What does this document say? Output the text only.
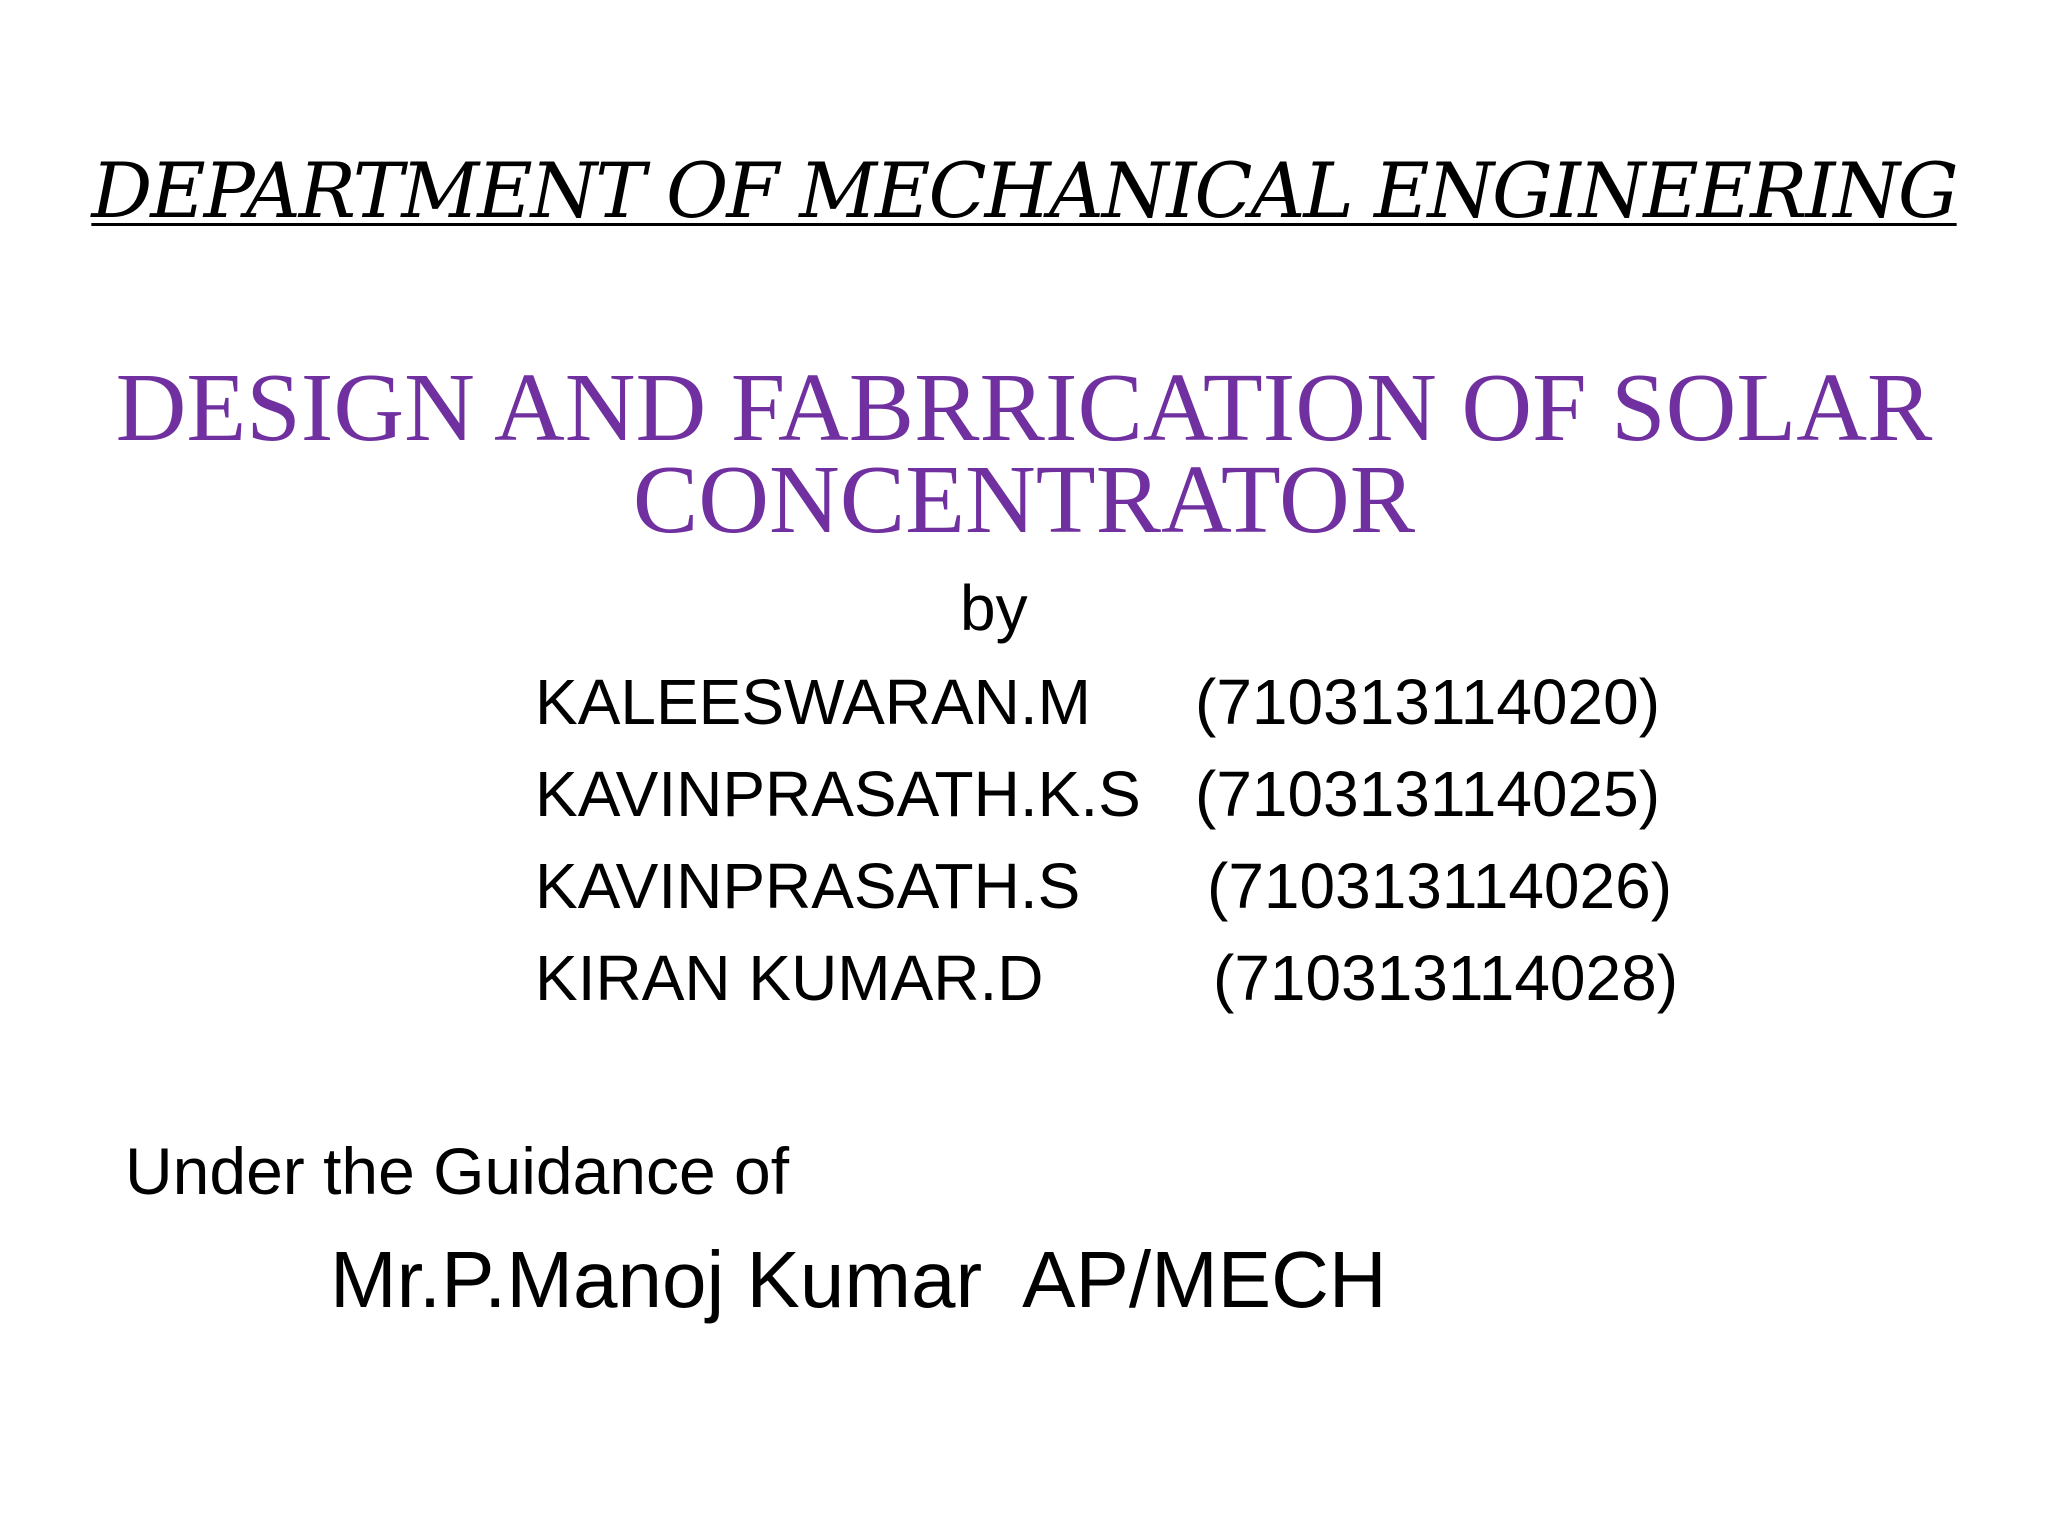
DEPARTMENT OF MECHANICAL ENGINEERING
DESIGN AND FABRRICATION OF SOLAR
CONCENTRATOR
by
KALEESWARAN.M (710313114020)
KAVINPRASATH.K.S (710313114025)
KAVINPRASATH.S (710313114026)
KIRAN KUMAR.D	(710313114028)
Under the Guidance of
Mr.P.Manoj Kumar  AP/MECH
